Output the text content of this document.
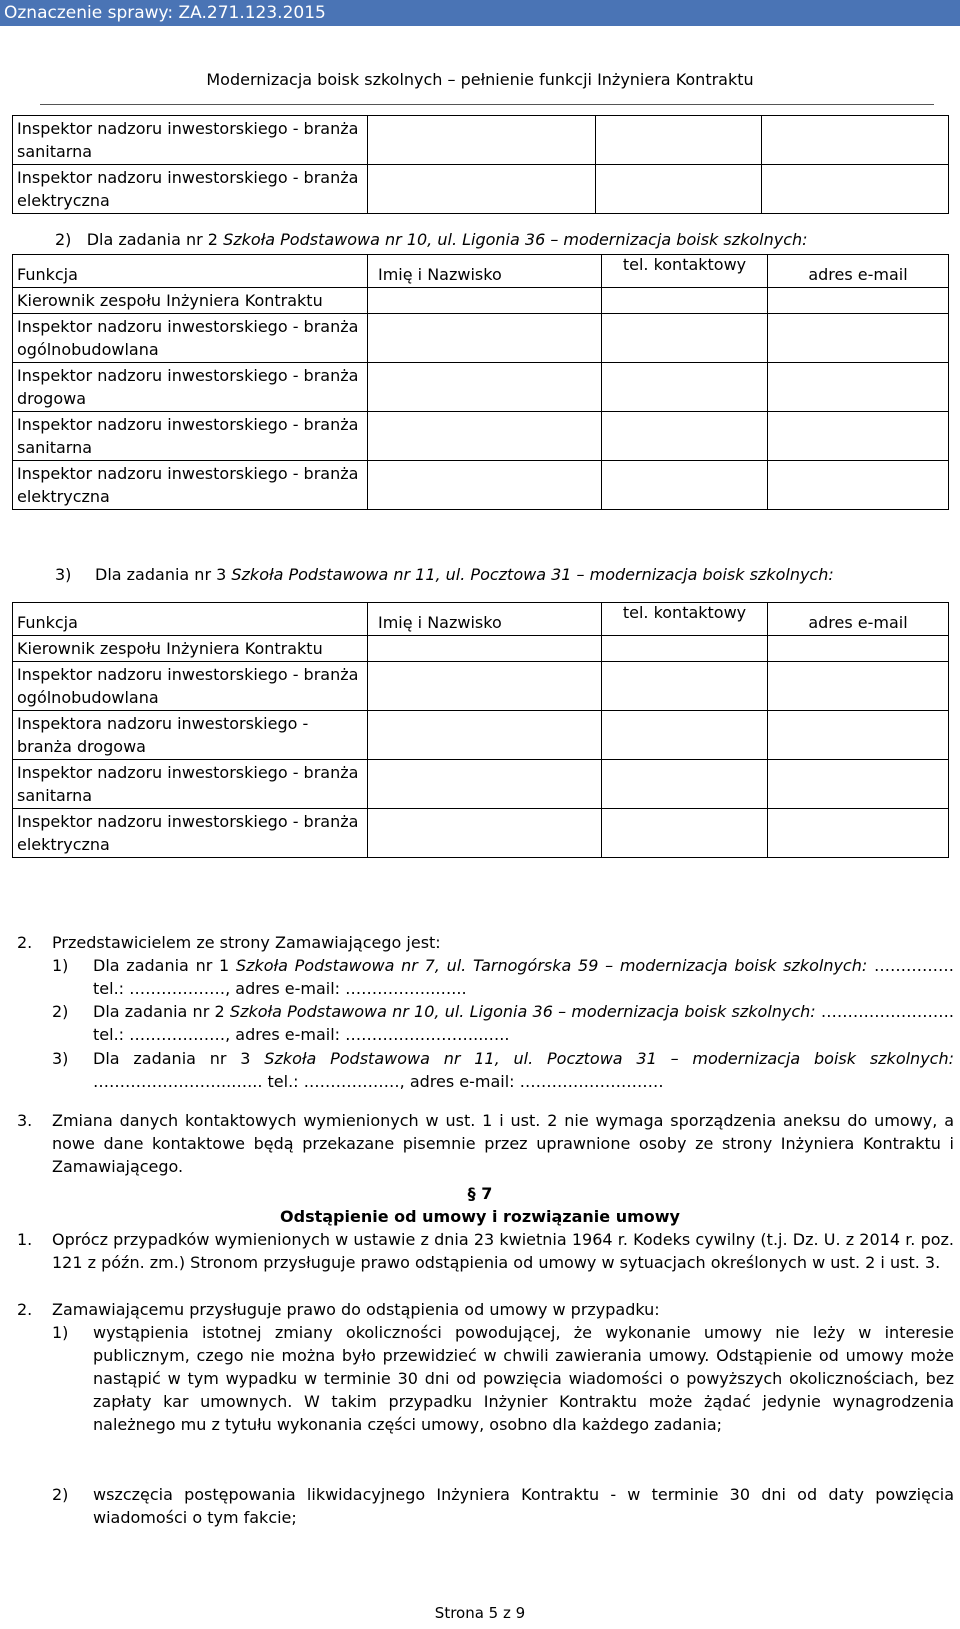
Oznaczenie sprawy: ZA.271.123.2015
Modernizacja boisk szkolnych – pełnienie funkcji Inżyniera Kontraktu
Inspektor nadzoru inwestorskiego - branża sanitarna			
Inspektor nadzoru inwestorskiego - branża elektryczna			
2) Dla zadania nr 2 Szkoła Podstawowa nr 10, ul. Ligonia 36 – modernizacja boisk szkolnych:
Funkcja	Imię i Nazwisko	tel. kontaktowy	adres e-mail
Kierownik zespołu Inżyniera Kontraktu			
Inspektor nadzoru inwestorskiego - branża ogólnobudowlana			
Inspektor nadzoru inwestorskiego - branża drogowa			
Inspektor nadzoru inwestorskiego - branża sanitarna			
Inspektor nadzoru inwestorskiego - branża elektryczna			
3) Dla zadania nr 3 Szkoła Podstawowa nr 11, ul. Pocztowa 31 – modernizacja boisk szkolnych:
Funkcja	Imię i Nazwisko	tel. kontaktowy	adres e-mail
Kierownik zespołu Inżyniera Kontraktu			
Inspektor nadzoru inwestorskiego - branża ogólnobudowlana			
Inspektora nadzoru inwestorskiego - branża drogowa			
Inspektor nadzoru inwestorskiego - branża sanitarna			
Inspektor nadzoru inwestorskiego - branża elektryczna			
2. Przedstawicielem ze strony Zamawiającego jest:
1) Dla zadania nr 1 Szkoła Podstawowa nr 7, ul. Tarnogórska 59 – modernizacja boisk szkolnych: …………… tel.: ………………, adres e-mail: ……………..…...
2) Dla zadania nr 2 Szkoła Podstawowa nr 10, ul. Ligonia 36 – modernizacja boisk szkolnych: ……………………. tel.: ………………, adres e-mail: ……………………..…..
3) Dla zadania nr 3 Szkoła Podstawowa nr 11, ul. Pocztowa 31 – modernizacja boisk szkolnych: ……………………..…... tel.: ………………, adres e-mail: ………………………
3. Zmiana danych kontaktowych wymienionych w ust. 1 i ust. 2 nie wymaga sporządzenia aneksu do umowy, a nowe dane kontaktowe będą przekazane pisemnie przez uprawnione osoby ze strony Inżyniera Kontraktu i Zamawiającego.
§ 7
Odstąpienie od umowy i rozwiązanie umowy
1. Oprócz przypadków wymienionych w ustawie z dnia 23 kwietnia 1964 r. Kodeks cywilny (t.j. Dz. U. z 2014 r. poz. 121 z późn. zm.) Stronom przysługuje prawo odstąpienia od umowy w sytuacjach określonych w ust. 2 i ust. 3.
2. Zamawiającemu przysługuje prawo do odstąpienia od umowy w przypadku:
1) wystąpienia istotnej zmiany okoliczności powodującej, że wykonanie umowy nie leży w interesie publicznym, czego nie można było przewidzieć w chwili zawierania umowy. Odstąpienie od umowy może nastąpić w tym wypadku w terminie 30 dni od powzięcia wiadomości o powyższych okolicznościach, bez zapłaty kar umownych. W takim przypadku Inżynier Kontraktu może żądać jedynie wynagrodzenia należnego mu z tytułu wykonania części umowy, osobno dla każdego zadania;
2) wszczęcia postępowania likwidacyjnego Inżyniera Kontraktu - w terminie 30 dni od daty powzięcia wiadomości o tym fakcie;
Strona 5 z 9
